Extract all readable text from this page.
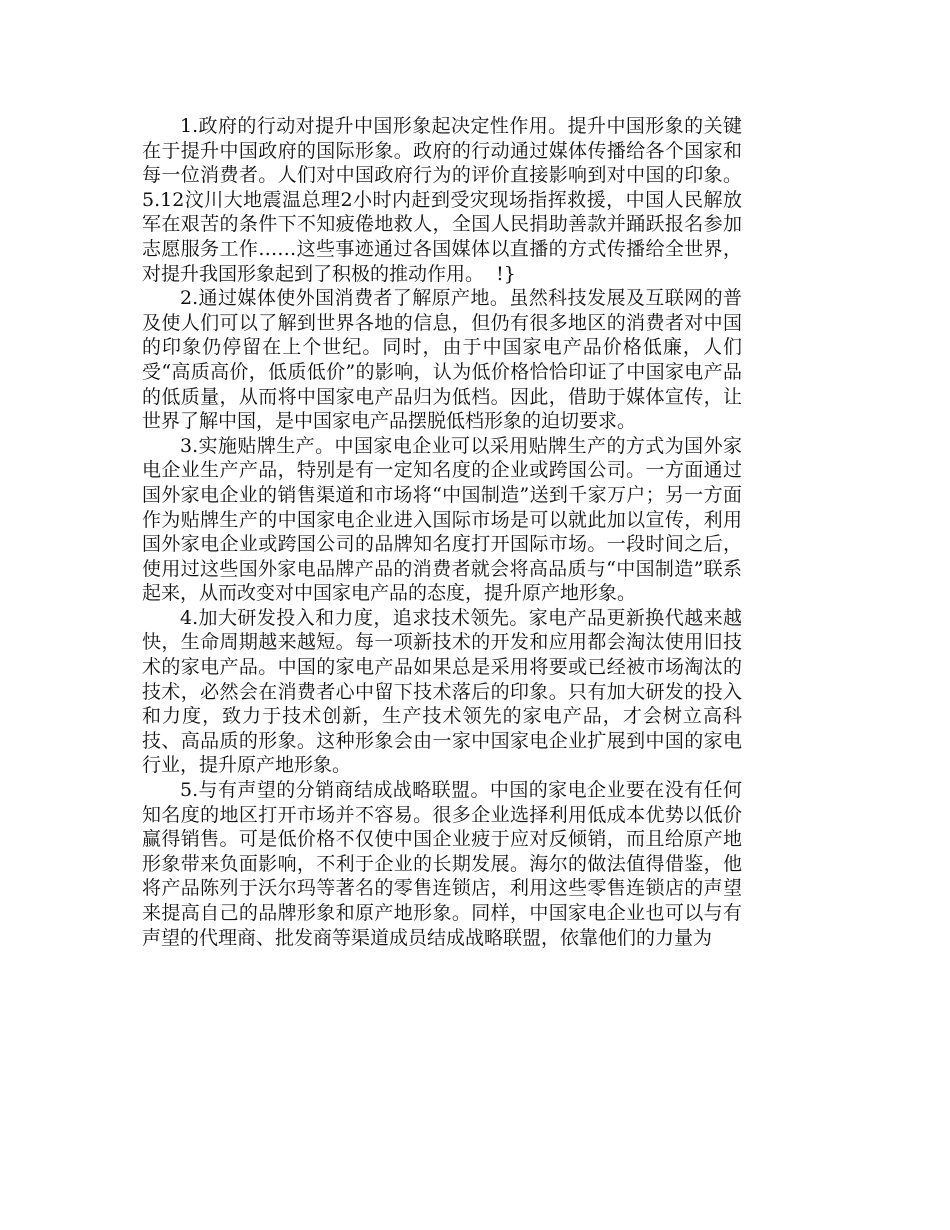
1.政府的行动对提升中国形象起决定性作用。提升中国形象的关键在于提升中国政府的国际形象。政府的行动通过媒体传播给各个国家和每一位消费者。人们对中国政府行为的评价直接影响到对中国的印象。5.12汶川大地震温总理2小时内赶到受灾现场指挥救援，中国人民解放军在艰苦的条件下不知疲倦地救人，全国人民捐助善款并踊跃报名参加志愿服务工作……这些事迹通过各国媒体以直播的方式传播给全世界，对提升我国形象起到了积极的推动作用。  !}

2.通过媒体使外国消费者了解原产地。虽然科技发展及互联网的普及使人们可以了解到世界各地的信息，但仍有很多地区的消费者对中国的印象仍停留在上个世纪。同时，由于中国家电产品价格低廉，人们受“高质高价，低质低价”的影响，认为低价格恰恰印证了中国家电产品的低质量，从而将中国家电产品归为低档。因此，借助于媒体宣传，让世界了解中国，是中国家电产品摆脱低档形象的迫切要求。

3.实施贴牌生产。中国家电企业可以采用贴牌生产的方式为国外家电企业生产产品，特别是有一定知名度的企业或跨国公司。一方面通过国外家电企业的销售渠道和市场将“中国制造”送到千家万户；另一方面作为贴牌生产的中国家电企业进入国际市场是可以就此加以宣传，利用国外家电企业或跨国公司的品牌知名度打开国际市场。一段时间之后，使用过这些国外家电品牌产品的消费者就会将高品质与“中国制造”联系起来，从而改变对中国家电产品的态度，提升原产地形象。

4.加大研发投入和力度，追求技术领先。家电产品更新换代越来越快，生命周期越来越短。每一项新技术的开发和应用都会淘汰使用旧技术的家电产品。中国的家电产品如果总是采用将要或已经被市场淘汰的技术，必然会在消费者心中留下技术落后的印象。只有加大研发的投入和力度，致力于技术创新，生产技术领先的家电产品，才会树立高科技、高品质的形象。这种形象会由一家中国家电企业扩展到中国的家电行业，提升原产地形象。

5.与有声望的分销商结成战略联盟。中国的家电企业要在没有任何知名度的地区打开市场并不容易。很多企业选择利用低成本优势以低价赢得销售。可是低价格不仅使中国企业疲于应对反倾销，而且给原产地形象带来负面影响，不利于企业的长期发展。海尔的做法值得借鉴，他将产品陈列于沃尔玛等著名的零售连锁店，利用这些零售连锁店的声望来提高自己的品牌形象和原产地形象。同样，中国家电企业也可以与有声望的代理商、批发商等渠道成员结成战略联盟，依靠他们的力量为
